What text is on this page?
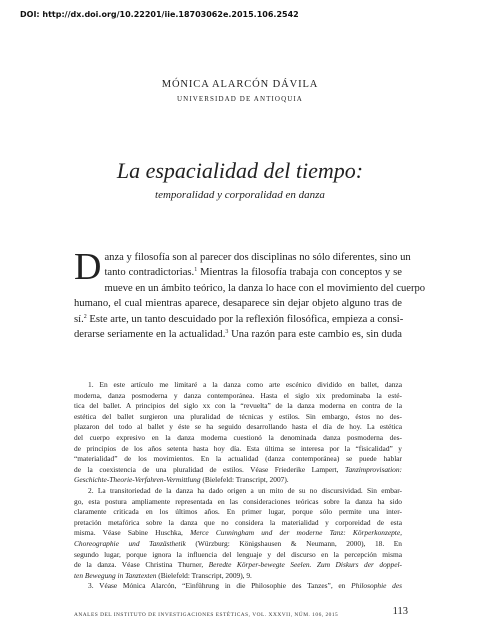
DOI: http://dx.doi.org/10.22201/iie.18703062e.2015.106.2542
MÓNICA ALARCÓN DÁVILA
UNIVERSIDAD DE ANTIOQUIA
La espacialidad del tiempo:
temporalidad y corporalidad en danza
D anza y filosofía son al parecer dos disciplinas no sólo diferentes, sino un
tanto contradictorias.$^1$ Mientras la filosofía trabaja con conceptos y se
mueve en un ámbito teórico, la danza lo hace con el movimiento del cuerpo
humano, el cual mientras aparece, desaparece sin dejar objeto alguno tras de
sí.$^2$ Este arte, un tanto descuidado por la reflexión filosófica, empieza a consi-
derarse seriamente en la actualidad.$^3$ Una razón para este cambio es, sin duda
1. En este artículo me limitaré a la danza como arte escénico dividido en ballet, danza
moderna, danza posmoderna y danza contemporánea. Hasta el siglo xix predominaba la esté-
tica del ballet. A principios del siglo xx con la “revuelta” de la danza moderna en contra de la
estética del ballet surgieron una pluralidad de técnicas y estilos. Sin embargo, éstos no des-
plazaron del todo al ballet y éste se ha seguido desarrollando hasta el día de hoy. La estética
del cuerpo expresivo en la danza moderna cuestionó la denominada danza posmoderna des-
de principios de los años setenta hasta hoy día. Esta última se interesa por la “fisicalidad” y
“materialidad” de los movimientos. En la actualidad (danza contemporánea) se puede hablar
de la coexistencia de una pluralidad de estilos. Véase Friederike Lampert, Tanzimprovisation:
Geschichte-Theorie-Verfahren-Vermittlung (Bielefeld: Transcript, 2007).
2. La transitoriedad de la danza ha dado origen a un mito de su no discursividad. Sin embar-
go, esta postura ampliamente representada en las consideraciones teóricas sobre la danza ha sido
claramente criticada en los últimos años. En primer lugar, porque sólo permite una inter-
pretación metafórica sobre la danza que no considera la materialidad y corporeidad de esta
misma. Véase Sabine Huschka, Merce Cunningham und der moderne Tanz: Körperkonzepte,
Choreographie und Tanzästhetik (Würzburg: Königshausen & Neumann, 2000), 18. En
segundo lugar, porque ignora la influencia del lenguaje y del discurso en la percepción misma
de la danza. Véase Christina Thurner, Beredte Körper-bewegte Seelen. Zum Diskurs der doppel-
ten Bewegung in Tanztexten (Bielefeld: Transcript, 2009), 9.
3. Véase Mónica Alarcón, “Einführung in die Philosophie des Tanzes”, en Philosophie des
ANALES DEL INSTITUTO DE INVESTIGACIONES ESTÉTICAS, VOL. XXXVII, NÚM. 106, 2015	113
